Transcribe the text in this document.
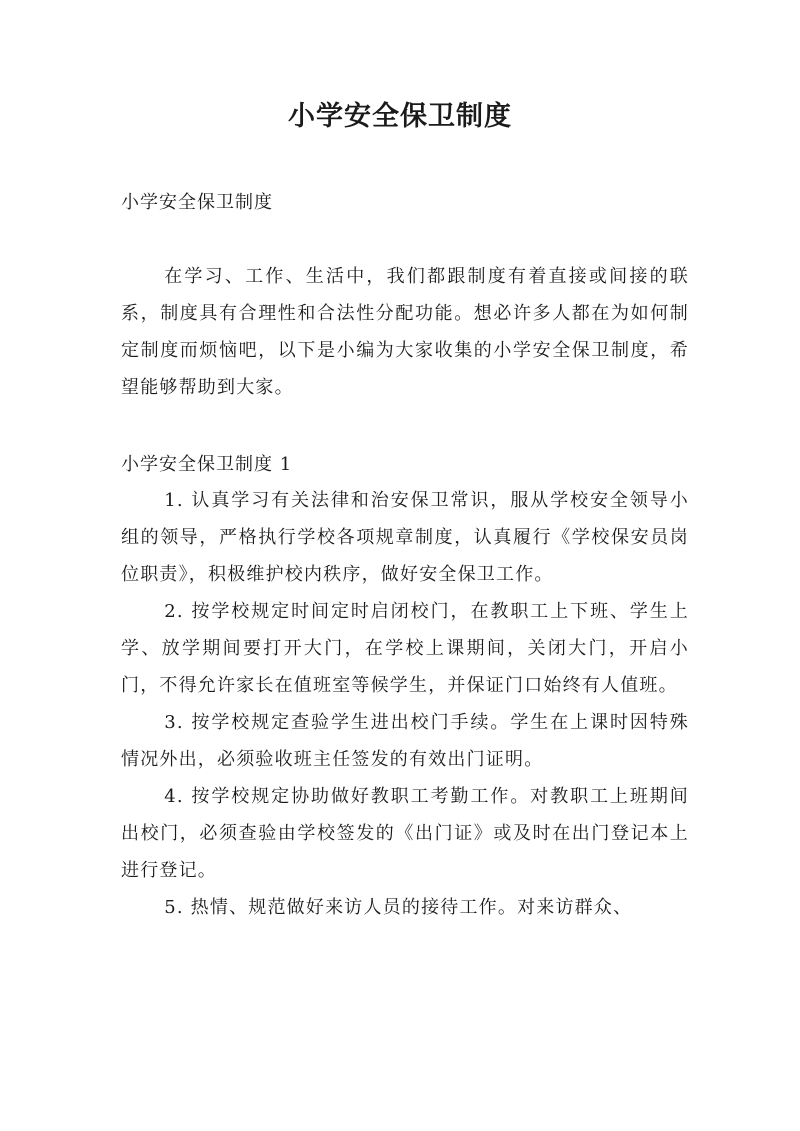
小学安全保卫制度
小学安全保卫制度

在学习、工作、生活中，我们都跟制度有着直接或间接的联系，制度具有合理性和合法性分配功能。想必许多人都在为如何制定制度而烦恼吧，以下是小编为大家收集的小学安全保卫制度，希望能够帮助到大家。

小学安全保卫制度 1
1. 认真学习有关法律和治安保卫常识，服从学校安全领导小组的领导，严格执行学校各项规章制度，认真履行《学校保安员岗位职责》，积极维护校内秩序，做好安全保卫工作。
2. 按学校规定时间定时启闭校门，在教职工上下班、学生上学、放学期间要打开大门，在学校上课期间，关闭大门，开启小门，不得允许家长在值班室等候学生，并保证门口始终有人值班。
3. 按学校规定查验学生进出校门手续。学生在上课时因特殊情况外出，必须验收班主任签发的有效出门证明。
4. 按学校规定协助做好教职工考勤工作。对教职工上班期间出校门，必须查验由学校签发的《出门证》或及时在出门登记本上进行登记。
5. 热情、规范做好来访人员的接待工作。对来访群众、
